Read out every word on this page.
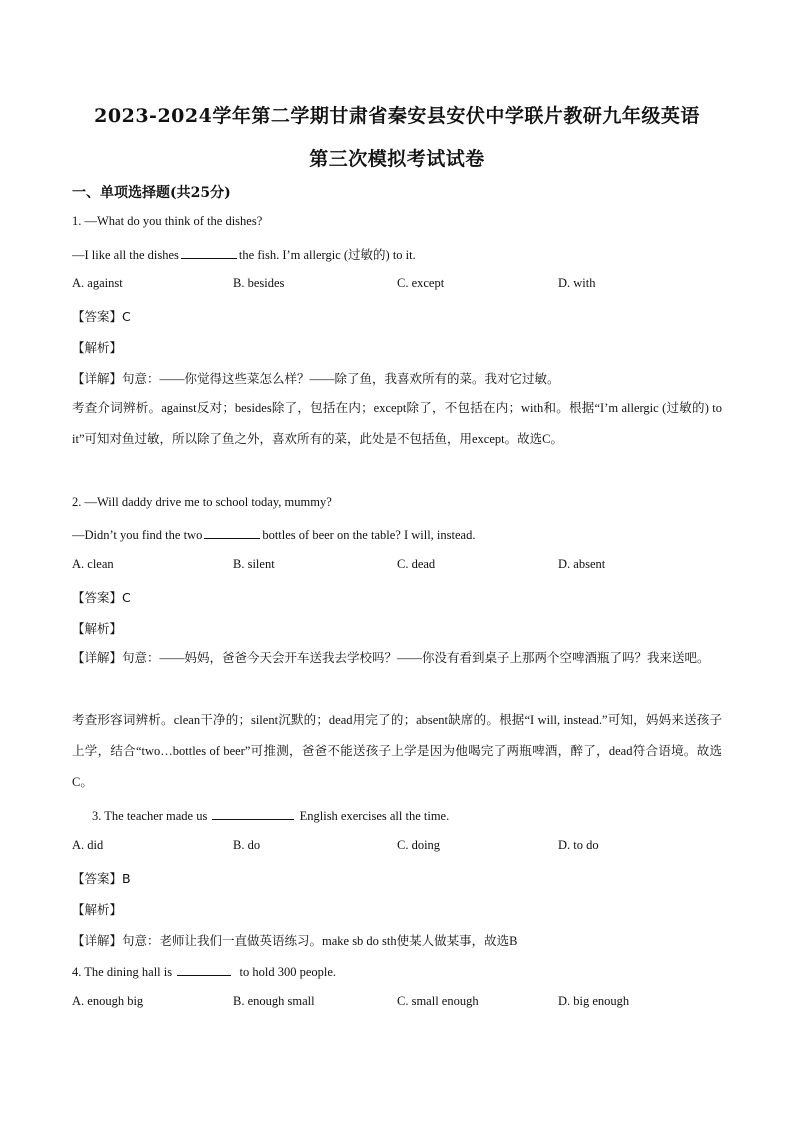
2023-2024学年第二学期甘肃省秦安县安伏中学联片教研九年级英语
第三次模拟考试试卷
一、单项选择题(共25分)
1. —What do you think of the dishes?
—I like all the dishes	the fish. I’m allergic (过敏的) to it.
A. against	B. besides	C. except	D. with
【答案】C
【解析】
【详解】句意：——你觉得这些菜怎么样？——除了鱼，我喜欢所有的菜。我对它过敏。
考查介词辨析。against反对；besides除了，包括在内；except除了，不包括在内；with和。根据“I’m allergic (过敏的) to it”可知对鱼过敏，所以除了鱼之外，喜欢所有的菜，此处是不包括鱼，用except。故选C。
2. —Will daddy drive me to school today, mummy?
—Didn’t you find the two	bottles of beer on the table? I will, instead.
A. clean	B. silent	C. dead	D. absent
【答案】C
【解析】
【详解】句意：——妈妈，爸爸今天会开车送我去学校吗？——你没有看到桌子上那两个空啤酒瓶了吗？我来送吧。
考查形容词辨析。clean干净的；silent沉默的；dead用完了的；absent缺席的。根据“I will, instead.”可知，妈妈来送孩子上学，结合“two…bottles of beer”可推测，爸爸不能送孩子上学是因为他喝完了两瓶啤酒，醉了，dead符合语境。故选C。
3. The teacher made us	English exercises all the time.
A. did	B. do	C. doing	D. to do
【答案】B
【解析】
【详解】句意：老师让我们一直做英语练习。make sb do sth使某人做某事，故选B
4. The dining hall is	to hold 300 people.
A. enough big	B. enough small	C. small enough	D. big enough
